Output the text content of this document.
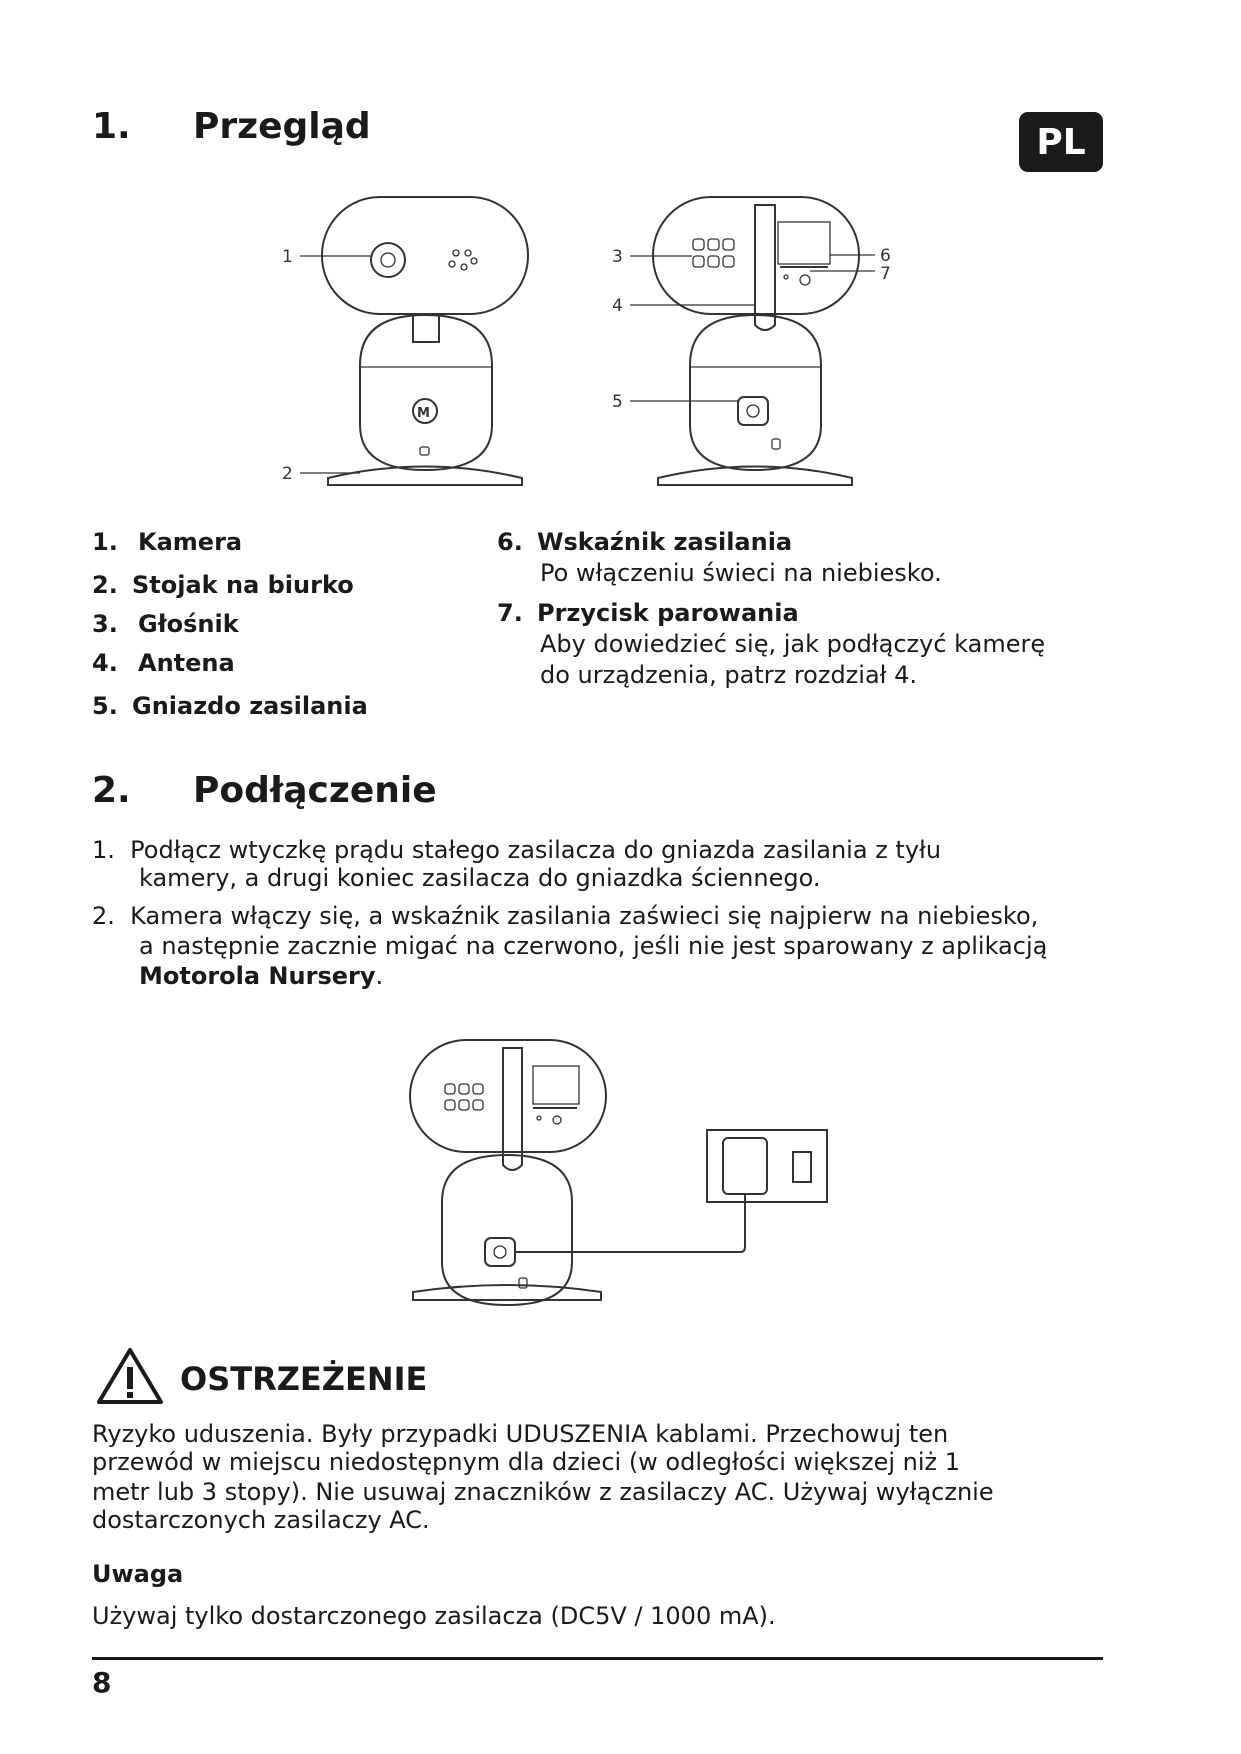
1. Przegląd	PL
M
1
2
3
4
5
6
7
1. Kamera
2. Stojak na biurko
3. Głośnik
4. Antena
5. Gniazdo zasilania
6. Wskaźnik zasilania
Po włączeniu świeci na niebiesko.
7. Przycisk parowania
Aby dowiedzieć się, jak podłączyć kamerę
do urządzenia, patrz rozdział 4.
2. Podłączenie
1.  Podłącz wtyczkę prądu stałego zasilacza do gniazda zasilania z tyłu
kamery, a drugi koniec zasilacza do gniazdka ściennego.
2.  Kamera włączy się, a wskaźnik zasilania zaświeci się najpierw na niebiesko,
a następnie zacznie migać na czerwono, jeśli nie jest sparowany z aplikacją
Motorola Nursery.
OSTRZEŻENIE
Ryzyko uduszenia. Były przypadki UDUSZENIA kablami. Przechowuj ten
przewód w miejscu niedostępnym dla dzieci (w odległości większej niż 1
metr lub 3 stopy). Nie usuwaj znaczników z zasilaczy AC. Używaj wyłącznie
dostarczonych zasilaczy AC.
Uwaga
Używaj tylko dostarczonego zasilacza (DC5V / 1000 mA).
8
